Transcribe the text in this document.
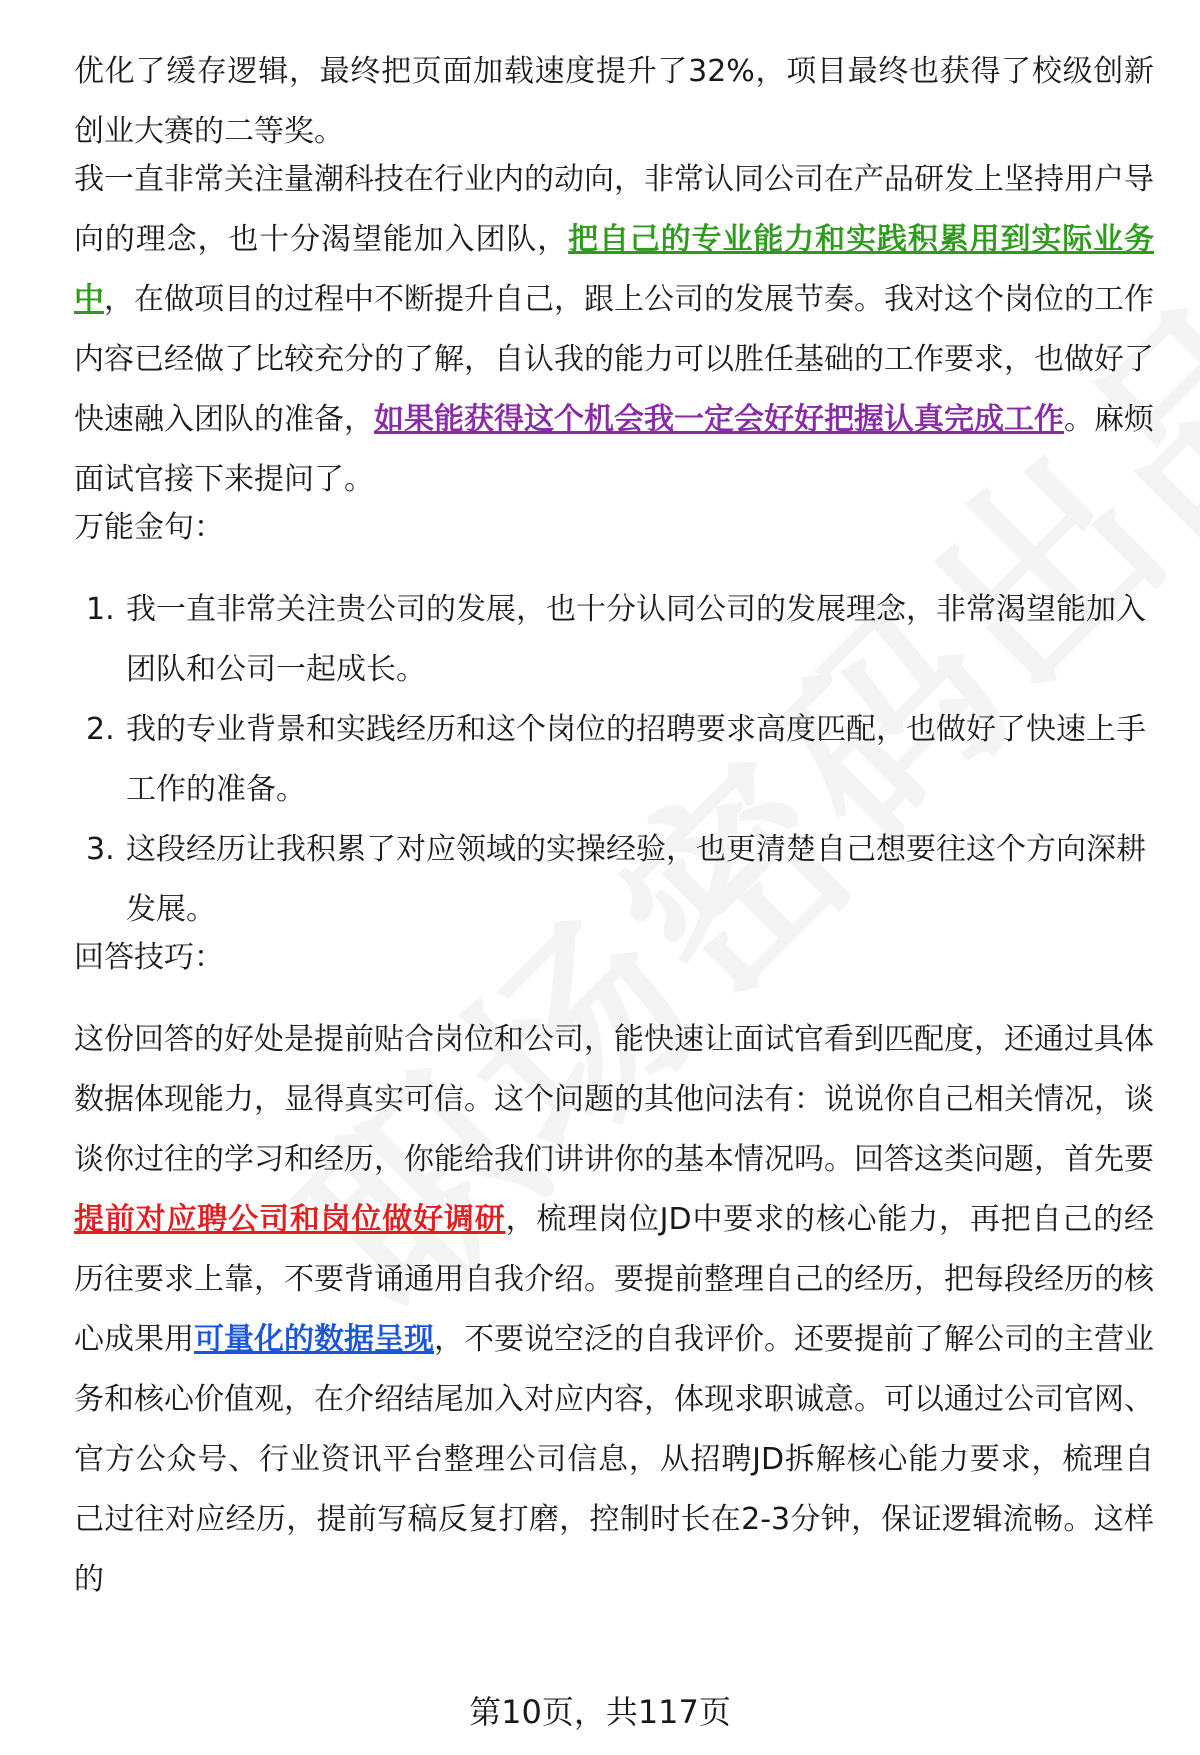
优化了缓存逻辑，最终把页面加载速度提升了32%，项目最终也获得了校级创新创业大赛的二等奖。

我一直非常关注量潮科技在行业内的动向，非常认同公司在产品研发上坚持用户导向的理念，也十分渴望能加入团队，把自己的专业能力和实践积累用到实际业务中，在做项目的过程中不断提升自己，跟上公司的发展节奏。我对这个岗位的工作内容已经做了比较充分的了解，自认我的能力可以胜任基础的工作要求，也做好了快速融入团队的准备，如果能获得这个机会我一定会好好把握认真完成工作。麻烦面试官接下来提问了。

万能金句：

1. 我一直非常关注贵公司的发展，也十分认同公司的发展理念，非常渴望能加入团队和公司一起成长。
2. 我的专业背景和实践经历和这个岗位的招聘要求高度匹配，也做好了快速上手工作的准备。
3. 这段经历让我积累了对应领域的实操经验，也更清楚自己想要往这个方向深耕发展。

回答技巧：

这份回答的好处是提前贴合岗位和公司，能快速让面试官看到匹配度，还通过具体数据体现能力，显得真实可信。这个问题的其他问法有：说说你自己相关情况，谈谈你过往的学习和经历，你能给我们讲讲你的基本情况吗。回答这类问题，首先要提前对应聘公司和岗位做好调研，梳理岗位JD中要求的核心能力，再把自己的经历往要求上靠，不要背诵通用自我介绍。要提前整理自己的经历，把每段经历的核心成果用可量化的数据呈现，不要说空泛的自我评价。还要提前了解公司的主营业务和核心价值观，在介绍结尾加入对应内容，体现求职诚意。可以通过公司官网、官方公众号、行业资讯平台整理公司信息，从招聘JD拆解核心能力要求，梳理自己过往对应经历，提前写稿反复打磨，控制时长在2-3分钟，保证逻辑流畅。这样的

第10页，共117页
